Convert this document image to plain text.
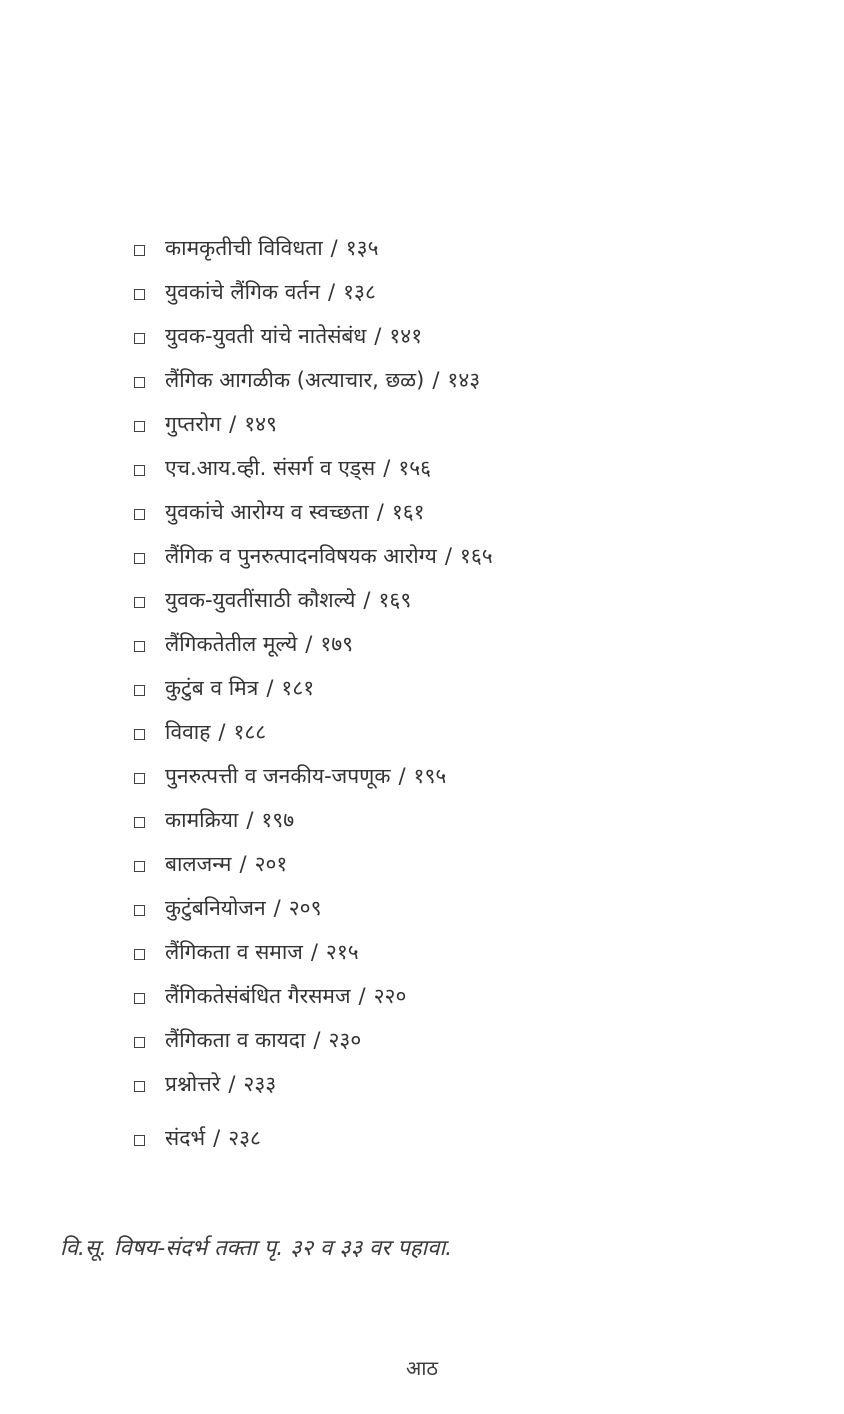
कामकृतीची विविधता / १३५
युवकांचे लैंगिक वर्तन / १३८
युवक-युवती यांचे नातेसंबंध / १४१
लैंगिक आगळीक (अत्याचार, छळ) / १४३
गुप्तरोग / १४९
एच.आय.व्ही. संसर्ग व एड्स / १५६
युवकांचे आरोग्य व स्वच्छता / १६१
लैंगिक व पुनरुत्पादनविषयक आरोग्य / १६५
युवक-युवतींसाठी कौशल्ये / १६९
लैंगिकतेतील मूल्ये / १७९
कुटुंब व मित्र / १८१
विवाह / १८८
पुनरुत्पत्ती व जनकीय-जपणूक / १९५
कामक्रिया / १९७
बालजन्म / २०१
कुटुंबनियोजन / २०९
लैंगिकता व समाज / २१५
लैंगिकतेसंबंधित गैरसमज / २२०
लैंगिकता व कायदा / २३०
प्रश्नोत्तरे / २३३
संदर्भ / २३८
वि.सू. विषय-संदर्भ तक्ता पृ. ३२ व ३३ वर पहावा.
आठ
